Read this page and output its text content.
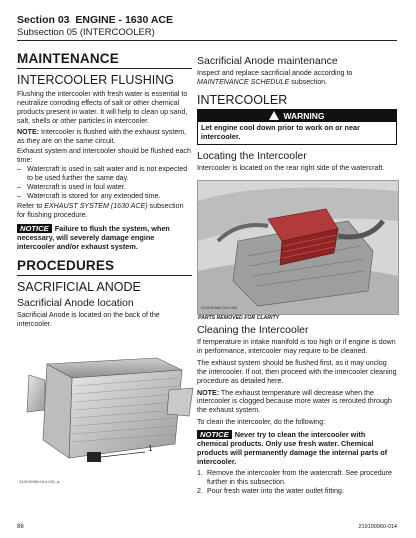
Section 03 ENGINE - 1630 ACE
Subsection 05 (INTERCOOLER)
MAINTENANCE
INTERCOOLER FLUSHING
Flushing the intercooler with fresh water is essential to neutralize corroding effects of salt or other chemical products present in water. It will help to clean up sand, salt, shells or other particles in intercooler.
NOTE: Intercooler is flushed with the exhaust system, as they are on the same circuit.
Exhaust system and intercooler should be flushed each time:
– Watercraft is used in salt water and is not expected to be used further the same day.
– Watercraft is used in foul water.
– Watercraft is stored for any extended time.
Refer to EXHAUST SYSTEM (1630 ACE) subsection for flushing procedure.
NOTICE Failure to flush the system, when necessary, will severely damage engine intercooler and/or exhaust system.
PROCEDURES
SACRIFICIAL ANODE
Sacrificial Anode location
Sacrificial Anode is located on the back of the intercooler.
1
219100960-014-001_a
Sacrificial Anode maintenance
Inspect and replace sacrificial anode according to MAINTENANCE SCHEDULE subsection.
INTERCOOLER
WARNING
Let engine cool down prior to work on or near intercooler.
Locating the Intercooler
Intercooler is located on the rear right side of the watercraft.
219100960-014-000
PARTS REMOVED FOR CLARITY
Cleaning the Intercooler
If temperature in intake manifold is too high or if engine is down in performance, intercooler may require to be cleaned.
The exhaust system should be flushed first, as it may unclog the intercooler. If not, then proceed with the intercooler cleaning procedure as detailed here.
NOTE: The exhaust temperature will decrease when the intercooler is clogged because more water is rerouted through the exhaust system.
To clean the intercooler, do the following:
NOTICE Never try to clean the intercooler with chemical products. Only use fresh water. Chemical products will permanently damage the internal parts of intercooler.
1. Remove the intercooler from the watercraft. See procedure further in this subsection.
2. Pour fresh water into the water outlet fitting.
86	219100960-014
